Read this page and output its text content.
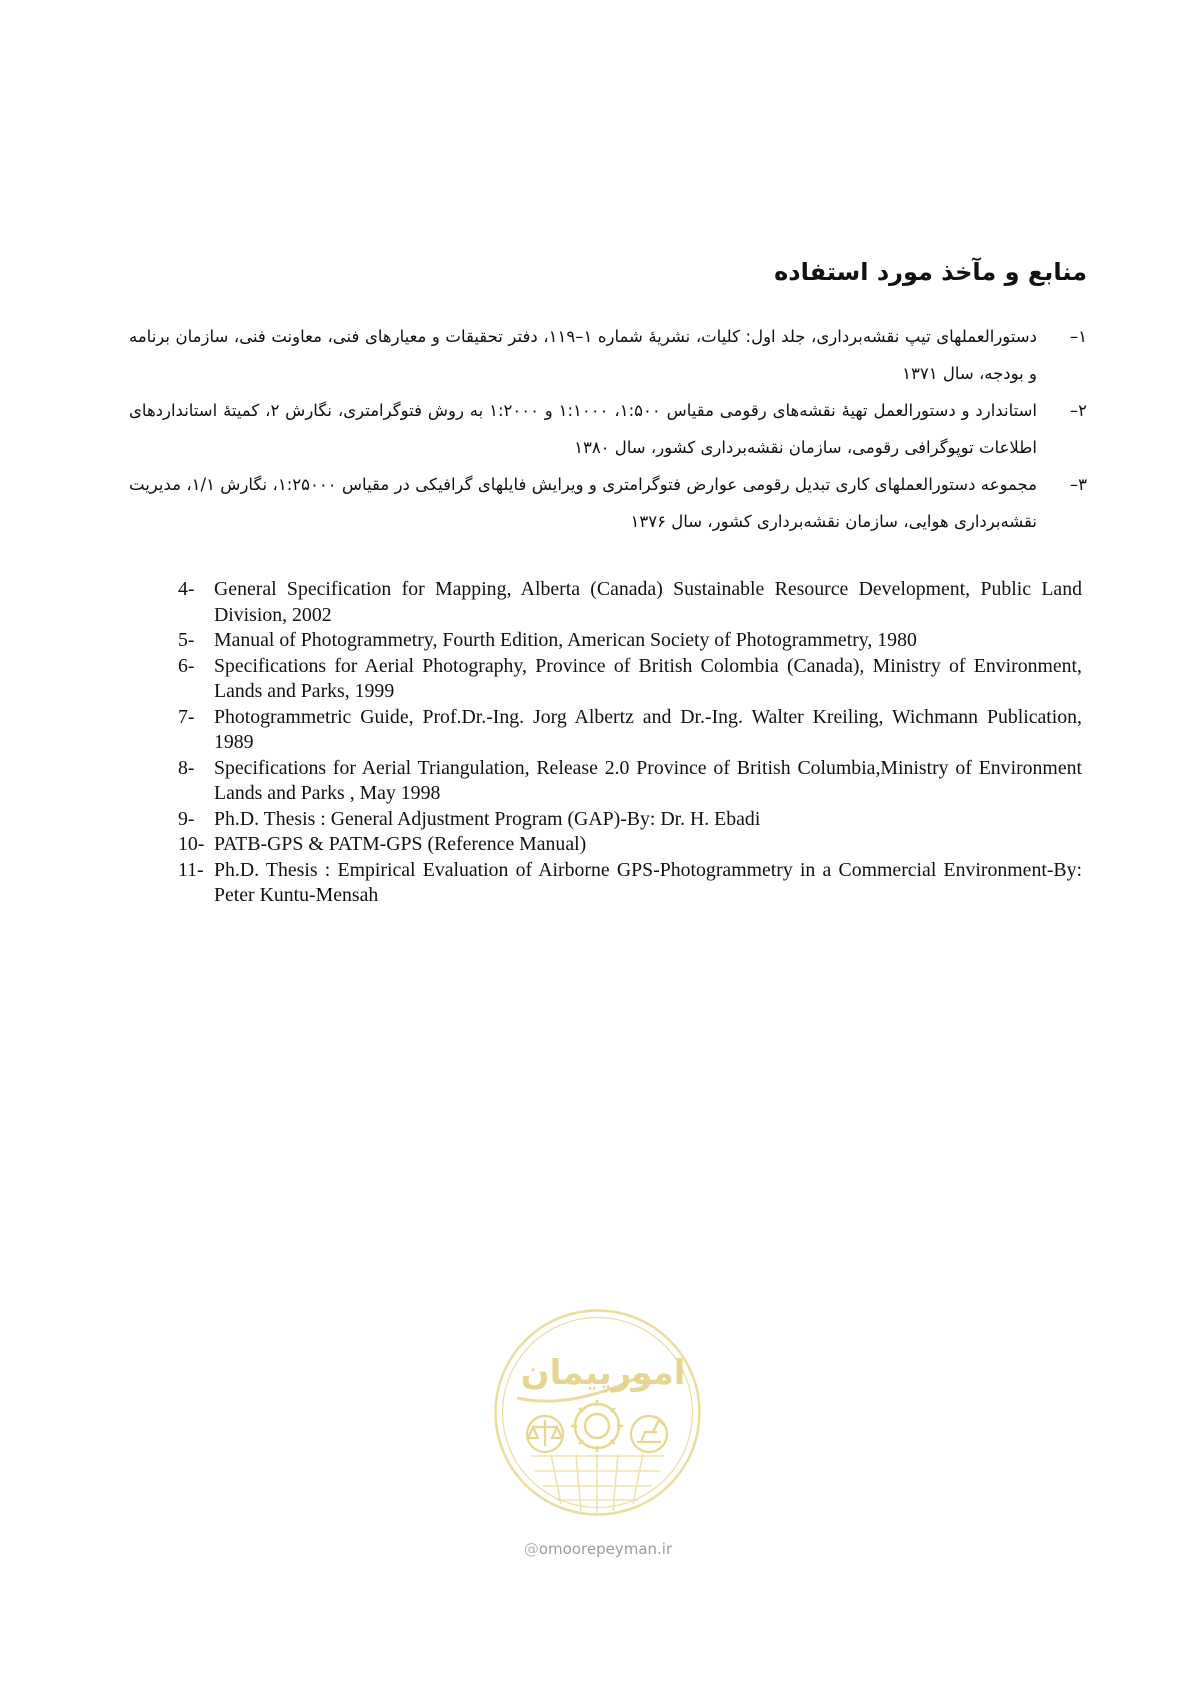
منابع و مآخذ مورد استفاده
۱–
دستورالعملهای تیپ نقشه‌برداری، جلد اول: کلیات، نشریهٔ شماره ۱–۱۱۹، دفتر تحقیقات و معیارهای فنی، معاونت فنی، سازمان برنامه و بودجه، سال ۱۳۷۱
۲–
استاندارد و دستورالعمل تهیهٔ نقشه‌های رقومی مقیاس ۱:۵۰۰، ۱:۱۰۰۰ و ۱:۲۰۰۰ به روش فتوگرامتری، نگارش ۲، کمیتهٔ استانداردهای اطلاعات توپوگرافی رقومی، سازمان نقشه‌برداری کشور، سال ۱۳۸۰
۳–
مجموعه دستورالعملهای کاری تبدیل رقومی عوارض فتوگرامتری و ویرایش فایلهای گرافیکی در مقیاس ۱:۲۵۰۰۰، نگارش ۱/۱، مدیریت نقشه‌برداری هوایی، سازمان نقشه‌برداری کشور، سال ۱۳۷۶
4- General Specification for Mapping, Alberta (Canada) Sustainable Resource Development, Public Land Division, 2002
5- Manual of Photogrammetry, Fourth Edition, American Society of Photogrammetry, 1980
6- Specifications for Aerial Photography, Province of British Colombia (Canada), Ministry of Environment, Lands and Parks, 1999
7- Photogrammetric Guide, Prof.Dr.-Ing. Jorg Albertz and Dr.-Ing. Walter Kreiling, Wichmann Publication, 1989
8- Specifications for Aerial Triangulation, Release 2.0 Province of British Columbia,Ministry of Environment Lands and Parks , May 1998
9- Ph.D. Thesis : General Adjustment Program (GAP)-By: Dr. H. Ebadi
10- PATB-GPS & PATM-GPS (Reference Manual)
11- Ph.D. Thesis : Empirical Evaluation of Airborne GPS-Photogrammetry in a Commercial Environment-By: Peter Kuntu-Mensah
امورپیمان
@omoorepeyman.ir
